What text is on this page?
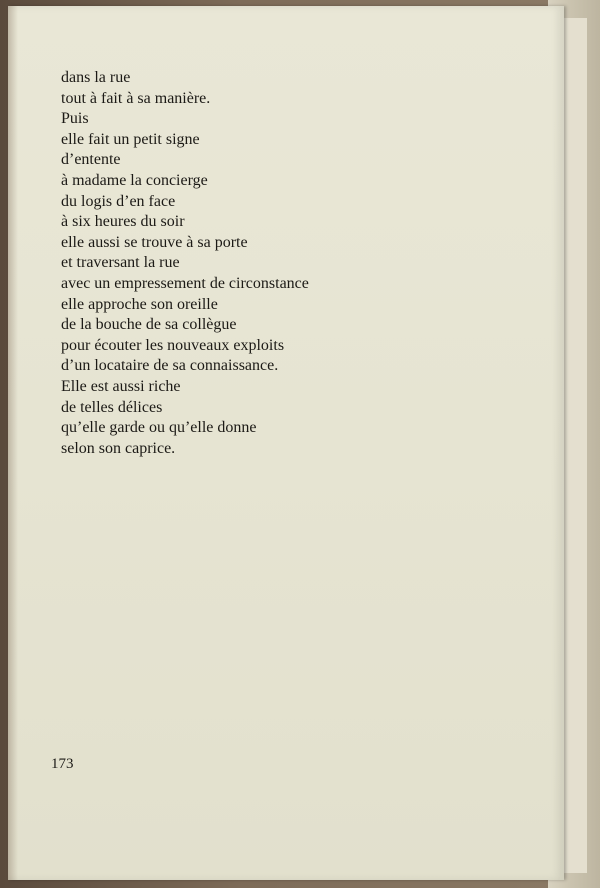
dans la rue
tout à fait à sa manière.
Puis
elle fait un petit signe
d’entente
à madame la concierge
du logis d’en face
à six heures du soir
elle aussi se trouve à sa porte
et traversant la rue
avec un empressement de circonstance
elle approche son oreille
de la bouche de sa collègue
pour écouter les nouveaux exploits
d’un locataire de sa connaissance.
Elle est aussi riche
de telles délices
qu’elle garde ou qu’elle donne
selon son caprice.
173
